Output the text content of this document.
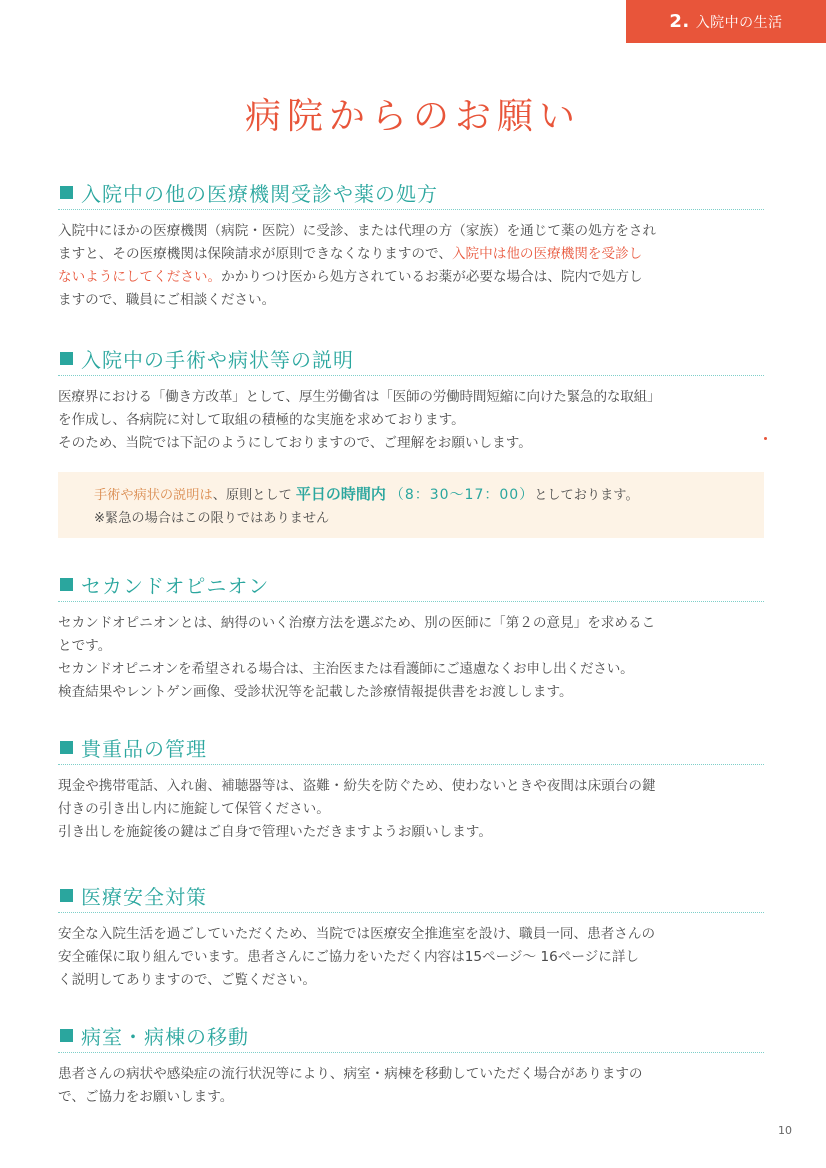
2. 入院中の生活
病院からのお願い
入院中の他の医療機関受診や薬の処方

入院中にほかの医療機関（病院・医院）に受診、または代理の方（家族）を通じて薬の処方をされ

ますと、その医療機関は保険請求が原則できなくなりますので、入院中は他の医療機関を受診し

ないようにしてください。かかりつけ医から処方されているお薬が必要な場合は、院内で処方し

ますので、職員にご相談ください。

入院中の手術や病状等の説明

医療界における「働き方改革」として、厚生労働省は「医師の労働時間短縮に向けた緊急的な取組」

を作成し、各病院に対して取組の積極的な実施を求めております。

そのため、当院では下記のようにしておりますので、ご理解をお願いします。

手術や病状の説明は、原則として 平日の時間内 （8：30～17：00）としております。

※緊急の場合はこの限りではありません

セカンドオピニオン

セカンドオピニオンとは、納得のいく治療方法を選ぶため、別の医師に「第２の意見」を求めるこ

とです。

セカンドオピニオンを希望される場合は、主治医または看護師にご遠慮なくお申し出ください。

検査結果やレントゲン画像、受診状況等を記載した診療情報提供書をお渡しします。

貴重品の管理

現金や携帯電話、入れ歯、補聴器等は、盗難・紛失を防ぐため、使わないときや夜間は床頭台の鍵

付きの引き出し内に施錠して保管ください。

引き出しを施錠後の鍵はご自身で管理いただきますようお願いします。

医療安全対策

安全な入院生活を過ごしていただくため、当院では医療安全推進室を設け、職員一同、患者さんの

安全確保に取り組んでいます。患者さんにご協力をいただく内容は15ページ～ 16ページに詳し

く説明してありますので、ご覧ください。

病室・病棟の移動

患者さんの病状や感染症の流行状況等により、病室・病棟を移動していただく場合がありますの

で、ご協力をお願いします。

10
